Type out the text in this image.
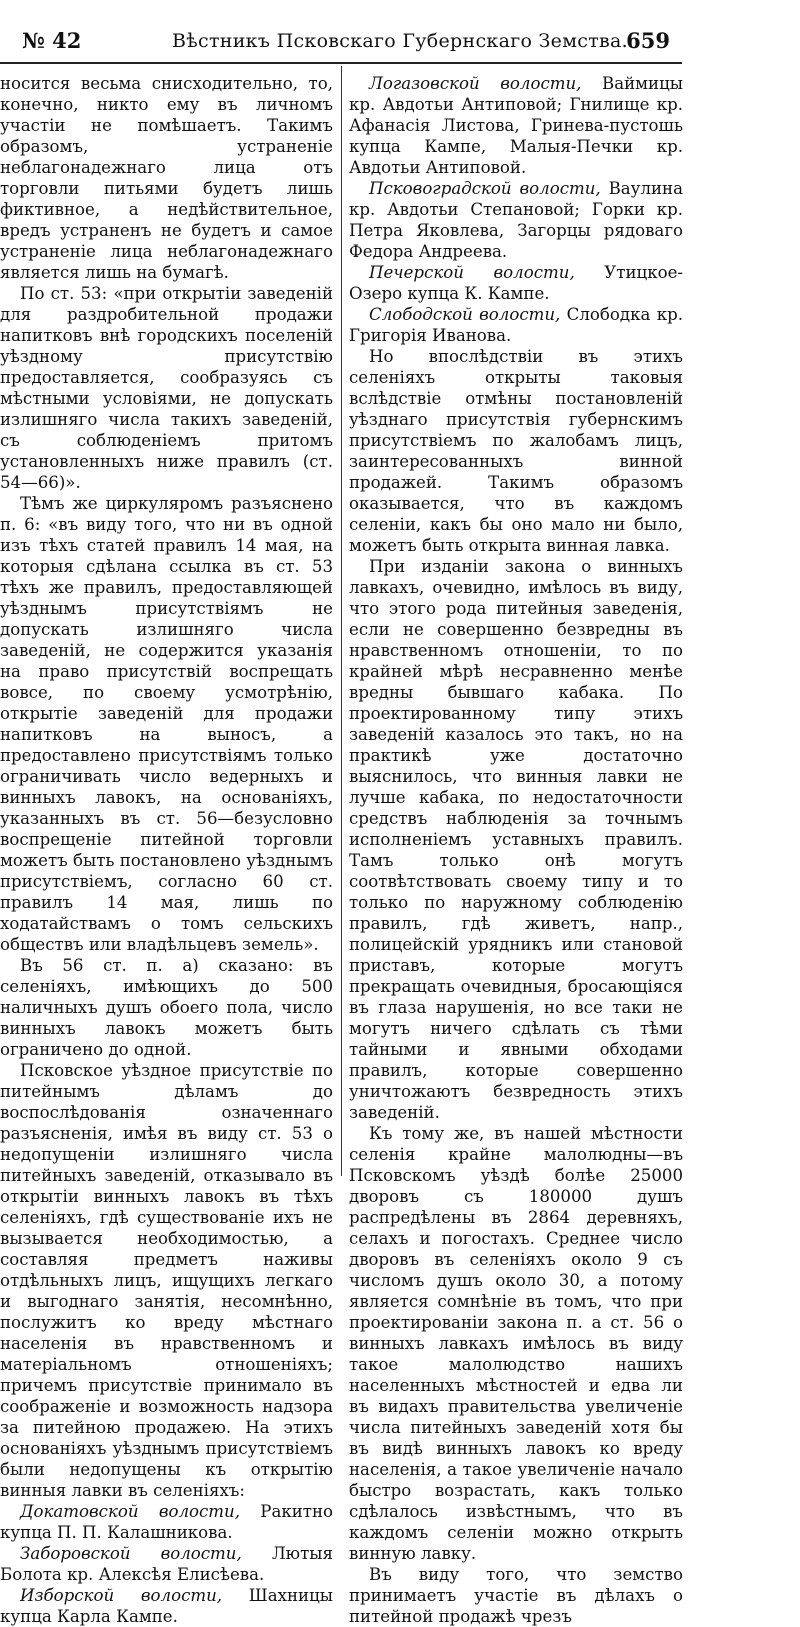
№ 42	Вѣстникъ Псковскаго Губернскаго Земства.
659

носится весьма снисходительно, то, конечно, никто ему въ личномъ участіи не помѣшаетъ. Такимъ образомъ, устраненіе неблагонадежнаго лица отъ торговли питьями будетъ лишь фиктивное, а недѣйствительное, вредъ устраненъ не будетъ и самое устраненіе лица неблагонадежнаго является лишь на бумагѣ.

По ст. 53: «при открытіи заведеній для раздробительной продажи напитковъ внѣ городскихъ поселеній уѣздному присутствію предоставляется, сообразуясь съ мѣстными условіями, не допускать излишняго числа такихъ заведеній, съ соблюденіемъ притомъ установленныхъ ниже правилъ (ст. 54—66)».

Тѣмъ же циркуляромъ разъяснено п. 6: «въ виду того, что ни въ одной изъ тѣхъ статей правилъ 14 мая, на которыя сдѣлана ссылка въ ст. 53 тѣхъ же правилъ, предоставляющей уѣзднымъ присутствіямъ не допускать излишняго числа заведеній, не содержится указанія на право присутствій воспрещать вовсе, по своему усмотрѣнію, открытіе заведеній для продажи напитковъ на выносъ, а предоставлено присутствіямъ только ограничивать число ведерныхъ и винныхъ лавокъ, на основаніяхъ, указанныхъ въ ст. 56—безусловно воспрещеніе питейной торговли можетъ быть постановлено уѣзднымъ присутствіемъ, согласно 60 ст. правилъ 14 мая, лишь по ходатайствамъ о томъ сельскихъ обществъ или владѣльцевъ земель».

Въ 56 ст. п. а) сказано: въ селеніяхъ, имѣющихъ до 500 наличныхъ душъ обоего пола, число винныхъ лавокъ можетъ быть ограничено до одной.

Псковское уѣздное присутствіе по питейнымъ дѣламъ до воспослѣдованія означеннаго разъясненія, имѣя въ виду ст. 53 о недопущеніи излишняго числа питейныхъ заведеній, отказывало въ открытіи винныхъ лавокъ въ тѣхъ селеніяхъ, гдѣ существованіе ихъ не вызывается необходимостью, а составляя предметъ наживы отдѣльныхъ лицъ, ищущихъ легкаго и выгоднаго занятія, несомнѣнно, послужитъ ко вреду мѣстнаго населенія въ нравственномъ и матеріальномъ отношеніяхъ; причемъ присутствіе принимало въ соображеніе и возможность надзора за питейною продажею. На этихъ основаніяхъ уѣзднымъ присутствіемъ были недопущены къ открытію винныя лавки въ селеніяхъ:

Докатовской волости, Ракитно купца П. П. Калашникова.

Заборовской волости, Лютыя Болота кр. Алексѣя Елисѣева.

Изборской волости, Шахницы купца Карла Кампе.

Логазовской волости, Ваймицы кр. Авдотьи Антиповой; Гнилище кр. Афанасія Листова, Гринева-пустошь купца Кампе, Малыя-Печки кр. Авдотьи Антиповой.

Псковоградской волости, Ваулина кр. Авдотьи Степановой; Горки кр. Петра Яковлева, Загорцы рядоваго Федора Андреева.

Печерской волости, Утицкое-Озеро купца К. Кампе.

Слободской волости, Слободка кр. Григорія Иванова.

Но впослѣдствіи въ этихъ селеніяхъ открыты таковыя вслѣдствіе отмѣны постановленій уѣзднаго присутствія губернскимъ присутствіемъ по жалобамъ лицъ, заинтересованныхъ винной продажей. Такимъ образомъ оказывается, что въ каждомъ селеніи, какъ бы оно мало ни было, можетъ быть открыта винная лавка.

При изданіи закона о винныхъ лавкахъ, очевидно, имѣлось въ виду, что этого рода питейныя заведенія, если не совершенно безвредны въ нравственномъ отношеніи, то по крайней мѣрѣ несравненно менѣе вредны бывшаго кабака. По проектированному типу этихъ заведеній казалось это такъ, но на практикѣ уже достаточно выяснилось, что винныя лавки не лучше кабака, по недостаточности средствъ наблюденія за точнымъ исполненіемъ уставныхъ правилъ. Тамъ только онѣ могутъ соотвѣтствовать своему типу и то только по наружному соблюденію правилъ, гдѣ живетъ, напр., полицейскій урядникъ или становой приставъ, которые могутъ прекращать очевидныя, бросающіяся въ глаза нарушенія, но все таки не могутъ ничего сдѣлать съ тѣми тайными и явными обходами правилъ, которые совершенно уничтожаютъ безвредность этихъ заведеній.

Къ тому же, въ нашей мѣстности селенія крайне малолюдны—въ Псковскомъ уѣздѣ болѣе 25000 дворовъ съ 180000 душъ распредѣлены въ 2864 деревняхъ, селахъ и погостахъ. Среднее число дворовъ въ селеніяхъ около 9 съ числомъ душъ около 30, а потому является сомнѣніе въ томъ, что при проектированіи закона п. а ст. 56 о винныхъ лавкахъ имѣлось въ виду такое малолюдство нашихъ населенныхъ мѣстностей и едва ли въ видахъ правительства увеличеніе числа питейныхъ заведеній хотя бы въ видѣ винныхъ лавокъ ко вреду населенія, а такое увеличеніе начало быстро возрастать, какъ только сдѣлалось извѣстнымъ, что въ каждомъ селеніи можно открыть винную лавку.

Въ виду того, что земство принимаетъ участіе въ дѣлахъ о питейной продажѣ чрезъ
